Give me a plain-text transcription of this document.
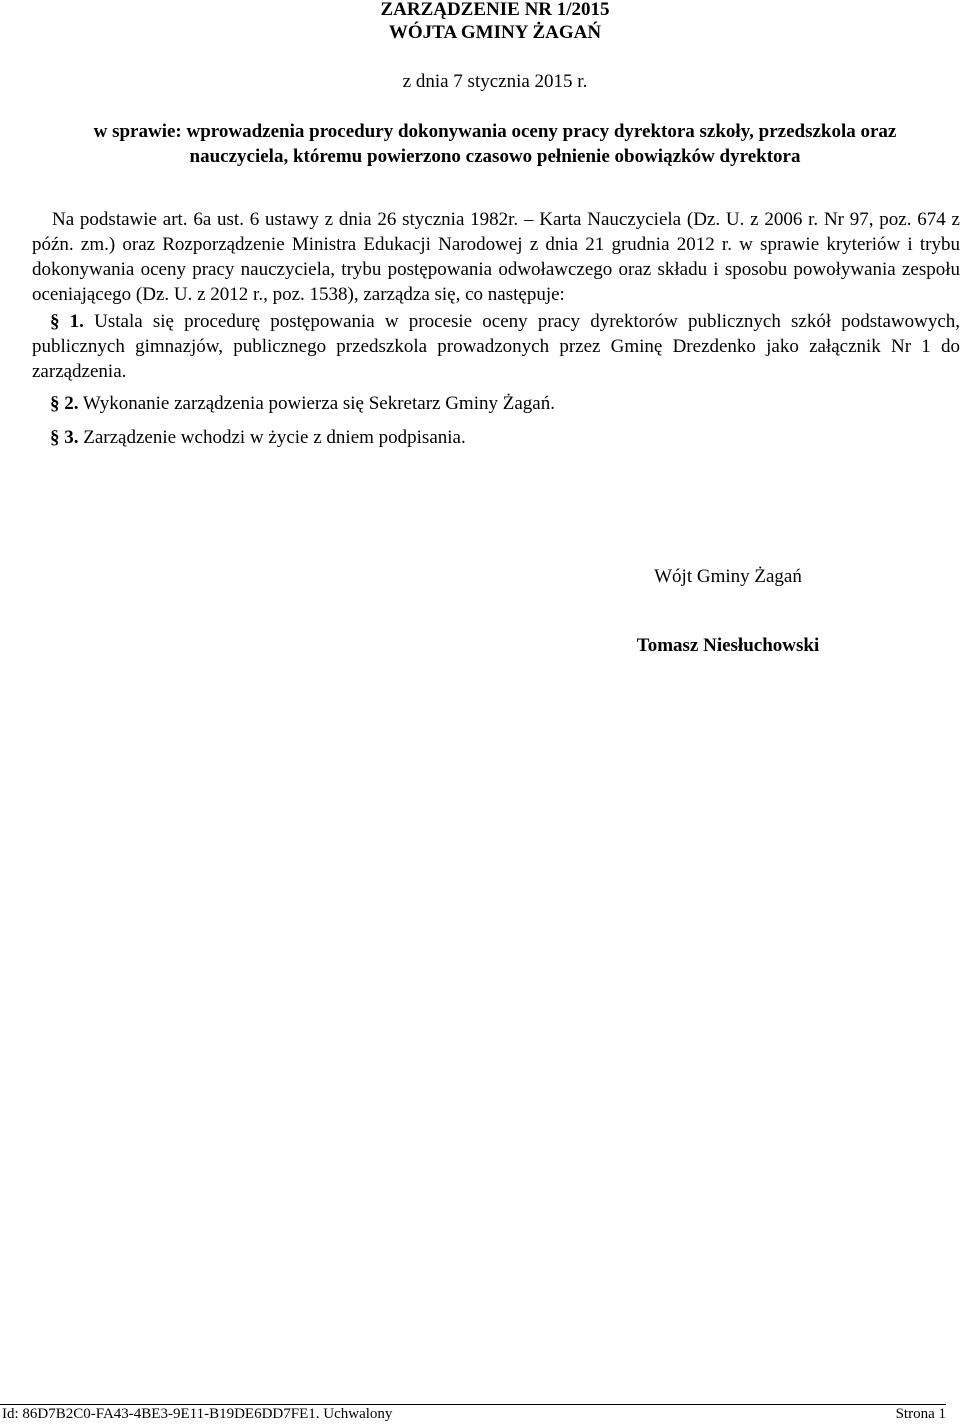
ZARZĄDZENIE NR 1/2015
WÓJTA GMINY ŻAGAŃ
z dnia 7 stycznia 2015 r.
w sprawie: wprowadzenia procedury dokonywania oceny pracy dyrektora szkoły, przedszkola oraz
nauczyciela, któremu powierzono czasowo pełnienie obowiązków dyrektora
Na podstawie art. 6a ust. 6 ustawy z dnia 26 stycznia 1982r. – Karta Nauczyciela (Dz. U. z 2006 r. Nr 97, poz. 674 z późn. zm.) oraz Rozporządzenie Ministra Edukacji Narodowej z dnia 21 grudnia 2012 r. w sprawie kryteriów i trybu dokonywania oceny pracy nauczyciela, trybu postępowania odwoławczego oraz składu i sposobu powoływania zespołu oceniającego (Dz. U. z 2012 r., poz. 1538), zarządza się, co następuje:
§ 1. Ustala się procedurę postępowania w procesie oceny pracy dyrektorów publicznych szkół podstawowych, publicznych gimnazjów, publicznego przedszkola prowadzonych przez Gminę Drezdenko jako załącznik Nr 1 do zarządzenia.
§ 2. Wykonanie zarządzenia powierza się Sekretarz Gminy Żagań.
§ 3. Zarządzenie wchodzi w życie z dniem podpisania.
Wójt Gminy Żagań
Tomasz Niesłuchowski
Id: 86D7B2C0-FA43-4BE3-9E11-B19DE6DD7FE1. Uchwalony	Strona 1
